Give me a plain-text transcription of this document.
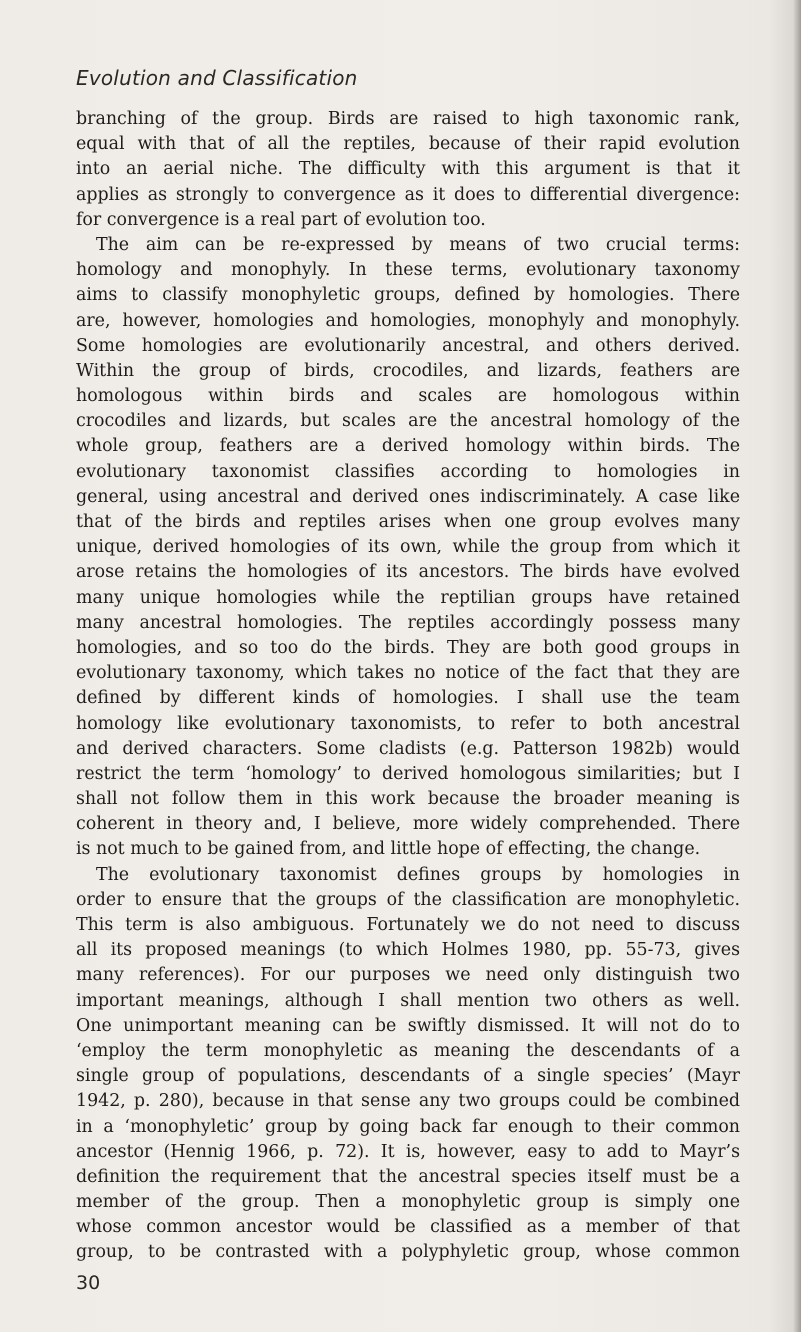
Evolution and Classification
branching of the group. Birds are raised to high taxonomic rank,
equal with that of all the reptiles, because of their rapid evolution
into an aerial niche. The difficulty with this argument is that it
applies as strongly to convergence as it does to differential divergence:
for convergence is a real part of evolution too.
The aim can be re-expressed by means of two crucial terms:
homology and monophyly. In these terms, evolutionary taxonomy
aims to classify monophyletic groups, defined by homologies. There
are, however, homologies and homologies, monophyly and monophyly.
Some homologies are evolutionarily ancestral, and others derived.
Within the group of birds, crocodiles, and lizards, feathers are
homologous within birds and scales are homologous within
crocodiles and lizards, but scales are the ancestral homology of the
whole group, feathers are a derived homology within birds. The
evolutionary taxonomist classifies according to homologies in
general, using ancestral and derived ones indiscriminately. A case like
that of the birds and reptiles arises when one group evolves many
unique, derived homologies of its own, while the group from which it
arose retains the homologies of its ancestors. The birds have evolved
many unique homologies while the reptilian groups have retained
many ancestral homologies. The reptiles accordingly possess many
homologies, and so too do the birds. They are both good groups in
evolutionary taxonomy, which takes no notice of the fact that they are
defined by different kinds of homologies. I shall use the team
homology like evolutionary taxonomists, to refer to both ancestral
and derived characters. Some cladists (e.g. Patterson 1982b) would
restrict the term ‘homology’ to derived homologous similarities; but I
shall not follow them in this work because the broader meaning is
coherent in theory and, I believe, more widely comprehended. There
is not much to be gained from, and little hope of effecting, the change.
The evolutionary taxonomist defines groups by homologies in
order to ensure that the groups of the classification are monophyletic.
This term is also ambiguous. Fortunately we do not need to discuss
all its proposed meanings (to which Holmes 1980, pp. 55-73, gives
many references). For our purposes we need only distinguish two
important meanings, although I shall mention two others as well.
One unimportant meaning can be swiftly dismissed. It will not do to
‘employ the term monophyletic as meaning the descendants of a
single group of populations, descendants of a single species’ (Mayr
1942, p. 280), because in that sense any two groups could be combined
in a ‘monophyletic’ group by going back far enough to their common
ancestor (Hennig 1966, p. 72). It is, however, easy to add to Mayr’s
definition the requirement that the ancestral species itself must be a
member of the group. Then a monophyletic group is simply one
whose common ancestor would be classified as a member of that
group, to be contrasted with a polyphyletic group, whose common
30
